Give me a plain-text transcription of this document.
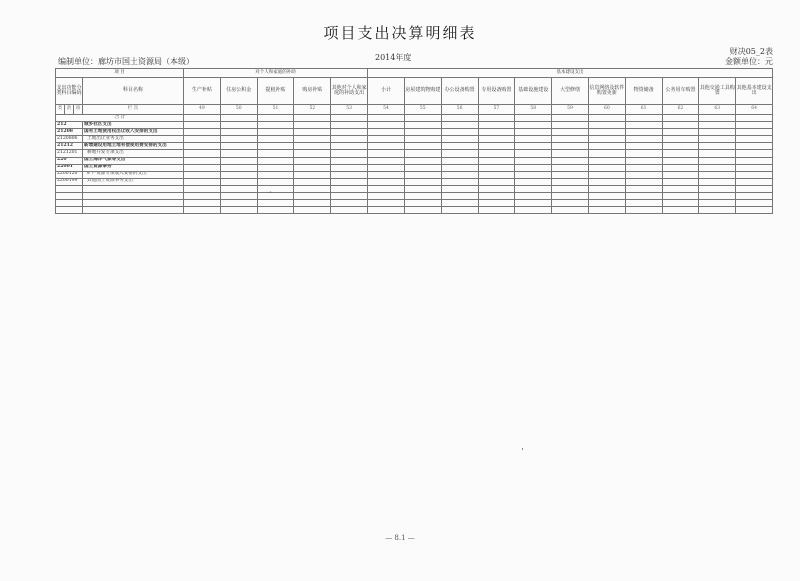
项目支出决算明细表
2014年度
编制单位：廊坊市国土资源局（本级）
财决05_2表
金额单位：元
项 目				对个人和家庭的补助					基本建设支出										
支出功能分类科目编码			科目名称	生产补贴	住房公积金	提租补贴	购房补贴	其他对个人和家庭的补助支出	小计	房屋建筑物购建	办公设备购置	专用设备购置	基础设施建设	大型修缮	信息网络及软件购置更新	物资储备	公务用车购置	其他交通工具购置	其他基本建设支出
类	款	项	栏 次	49	50	51	52	53	54	55	56	57	58	59	60	61	62	63	64
合 计																			
212			城乡社区支出																
21208			国有土地使用权出让收入安排的支出																
2120806			土地出让业务支出																
21212			新增建设用地土地有偿使用费安排的支出																
2121201			耕地开发专项支出																
220			国土海洋气象等支出																
22001			国土资源事务																
2200120			矿产资源专项收入安排的支出																
2200199			其他国土资源事务支出																

•
— 8.1 —
